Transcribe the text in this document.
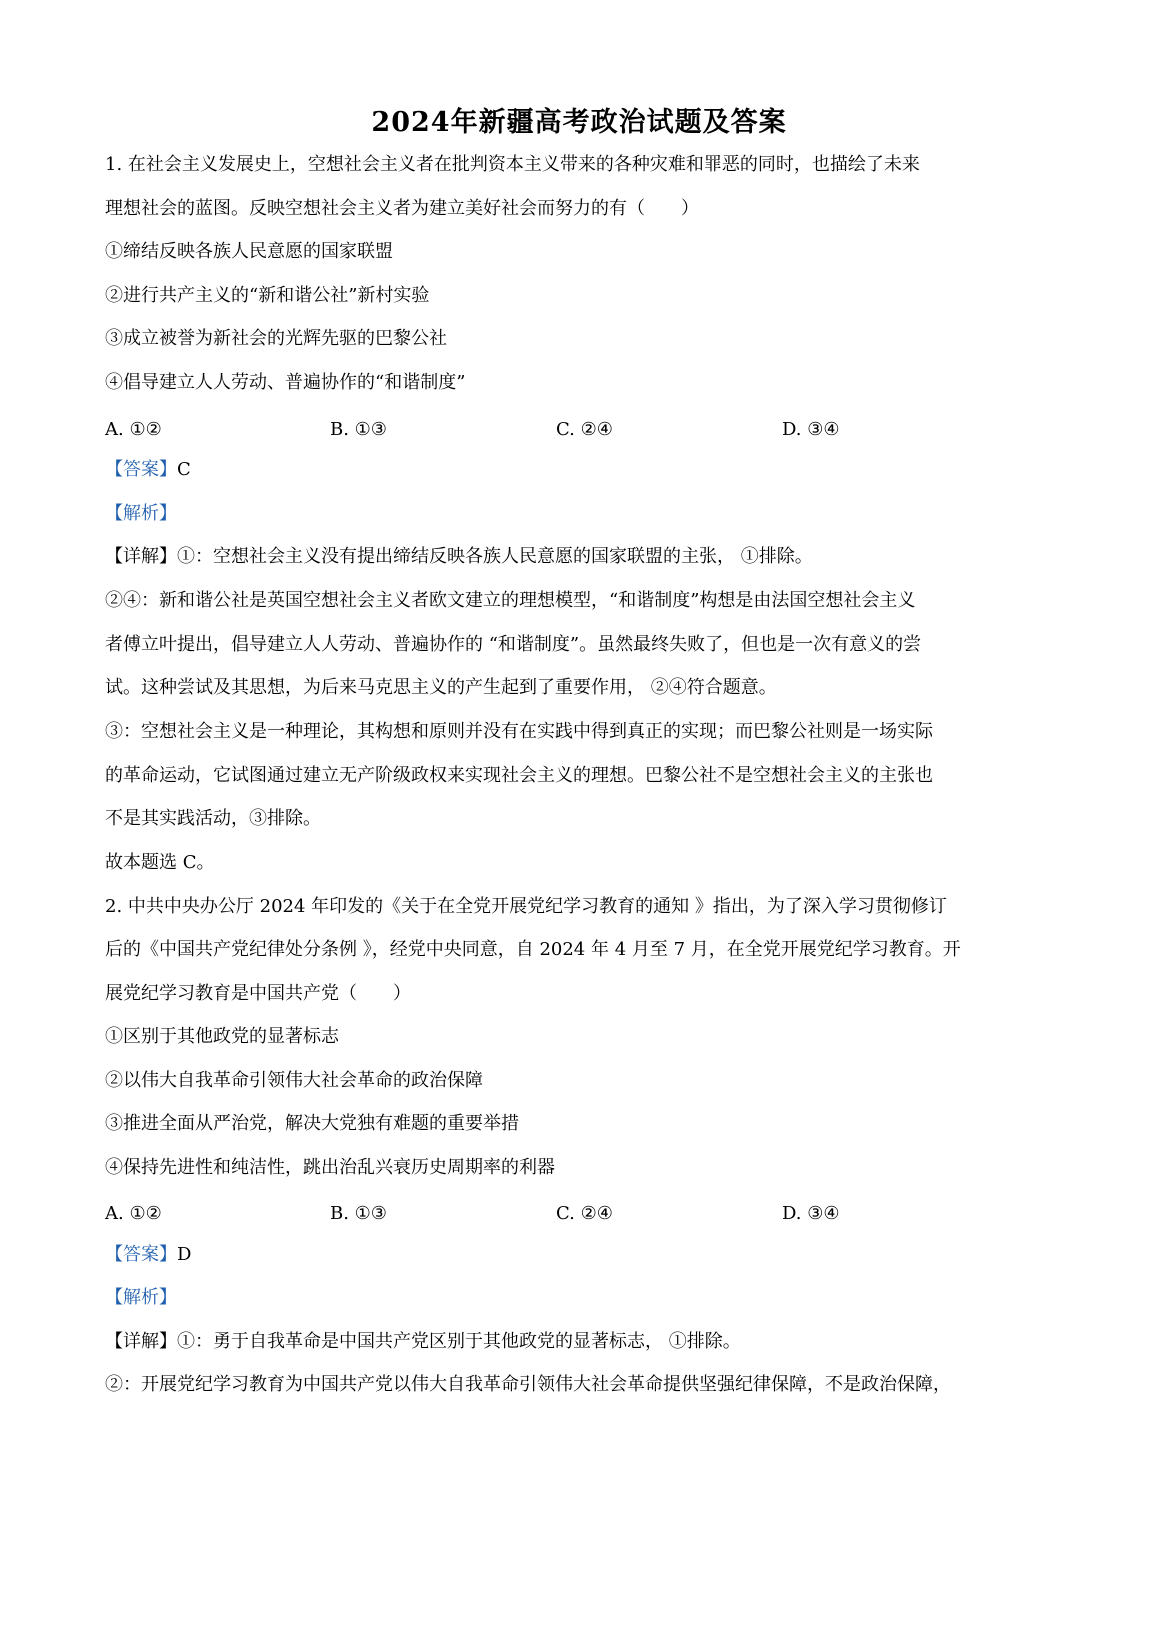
2024年新疆高考政治试题及答案
1. 在社会主义发展史上，空想社会主义者在批判资本主义带来的各种灾难和罪恶的同时，也描绘了未来
理想社会的蓝图。反映空想社会主义者为建立美好社会而努力的有（　　）
①缔结反映各族人民意愿的国家联盟
②进行共产主义的“新和谐公社”新村实验
③成立被誉为新社会的光辉先驱的巴黎公社
④倡导建立人人劳动、普遍协作的“和谐制度”
A. ①②	B. ①③	C. ②④	D. ③④
【答案】C
【解析】
【详解】①：空想社会主义没有提出缔结反映各族人民意愿的国家联盟的主张， ①排除。
②④：新和谐公社是英国空想社会主义者欧文建立的理想模型，“和谐制度”构想是由法国空想社会主义
者傅立叶提出，倡导建立人人劳动、普遍协作的 “和谐制度”。虽然最终失败了，但也是一次有意义的尝
试。这种尝试及其思想，为后来马克思主义的产生起到了重要作用， ②④符合题意。
③：空想社会主义是一种理论，其构想和原则并没有在实践中得到真正的实现；而巴黎公社则是一场实际
的革命运动，它试图通过建立无产阶级政权来实现社会主义的理想。巴黎公社不是空想社会主义的主张也
不是其实践活动，③排除。
故本题选 C。
2. 中共中央办公厅 2024 年印发的《关于在全党开展党纪学习教育的通知 》指出，为了深入学习贯彻修订
后的《中国共产党纪律处分条例 》，经党中央同意，自 2024 年 4 月至 7 月，在全党开展党纪学习教育。开
展党纪学习教育是中国共产党（　　）
①区别于其他政党的显著标志
②以伟大自我革命引领伟大社会革命的政治保障
③推进全面从严治党，解决大党独有难题的重要举措
④保持先进性和纯洁性，跳出治乱兴衰历史周期率的利器
A. ①②	B. ①③	C. ②④	D. ③④
【答案】D
【解析】
【详解】①：勇于自我革命是中国共产党区别于其他政党的显著标志， ①排除。
②：开展党纪学习教育为中国共产党以伟大自我革命引领伟大社会革命提供坚强纪律保障，不是政治保障，
